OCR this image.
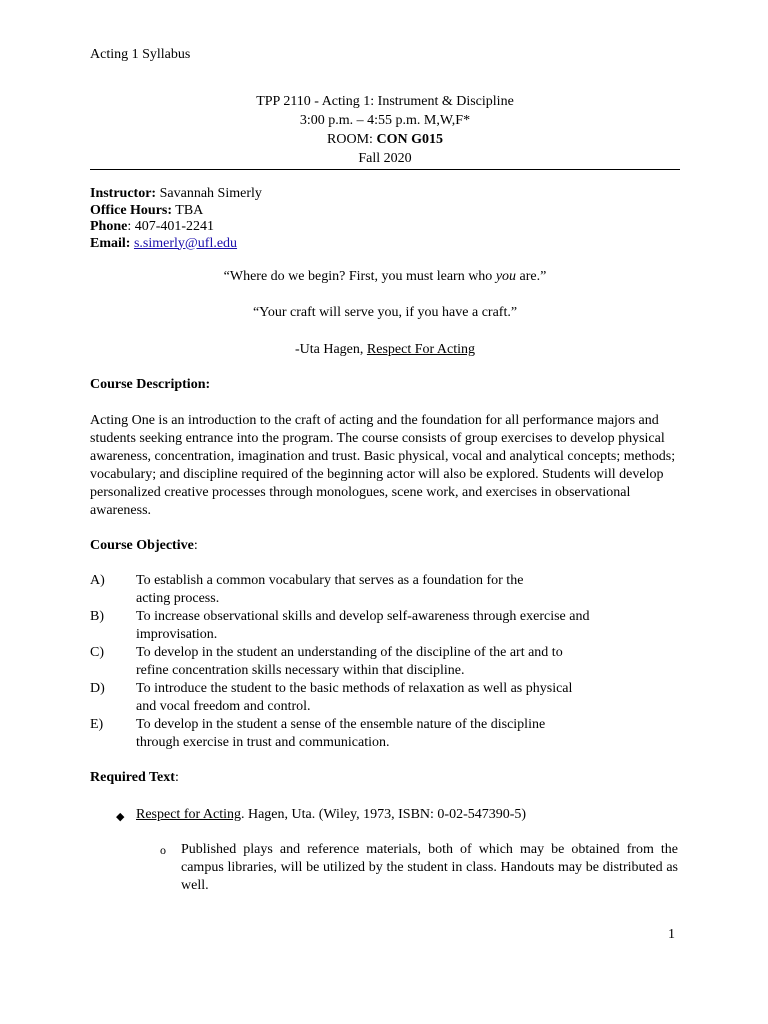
Acting 1 Syllabus
TPP 2110 - Acting 1: Instrument & Discipline
3:00 p.m. – 4:55 p.m. M,W,F*
ROOM: CON G015
Fall 2020
Instructor: Savannah Simerly
Office Hours: TBA
Phone: 407-401-2241
Email: s.simerly@ufl.edu
“Where do we begin? First, you must learn who you are.”
“Your craft will serve you, if you have a craft.”
-Uta Hagen, Respect For Acting
Course Description:
Acting One is an introduction to the craft of acting and the foundation for all performance majors and students seeking entrance into the program. The course consists of group exercises to develop physical awareness, concentration, imagination and trust. Basic physical, vocal and analytical concepts; methods; vocabulary; and discipline required of the beginning actor will also be explored. Students will develop personalized creative processes through monologues, scene work, and exercises in observational awareness.
Course Objective:
A) To establish a common vocabulary that serves as a foundation for the
acting process.
B) To increase observational skills and develop self-awareness through exercise and
improvisation.
C) To develop in the student an understanding of the discipline of the art and to
refine concentration skills necessary within that discipline.
D) To introduce the student to the basic methods of relaxation as well as physical
and vocal freedom and control.
E) To develop in the student a sense of the ensemble nature of the discipline
through exercise in trust and communication.
Required Text:
◆ Respect for Acting. Hagen, Uta. (Wiley, 1973, ISBN: 0-02-547390-5)
o Published plays and reference materials, both of which may be obtained from the campus libraries, will be utilized by the student in class. Handouts may be distributed as well.
1
